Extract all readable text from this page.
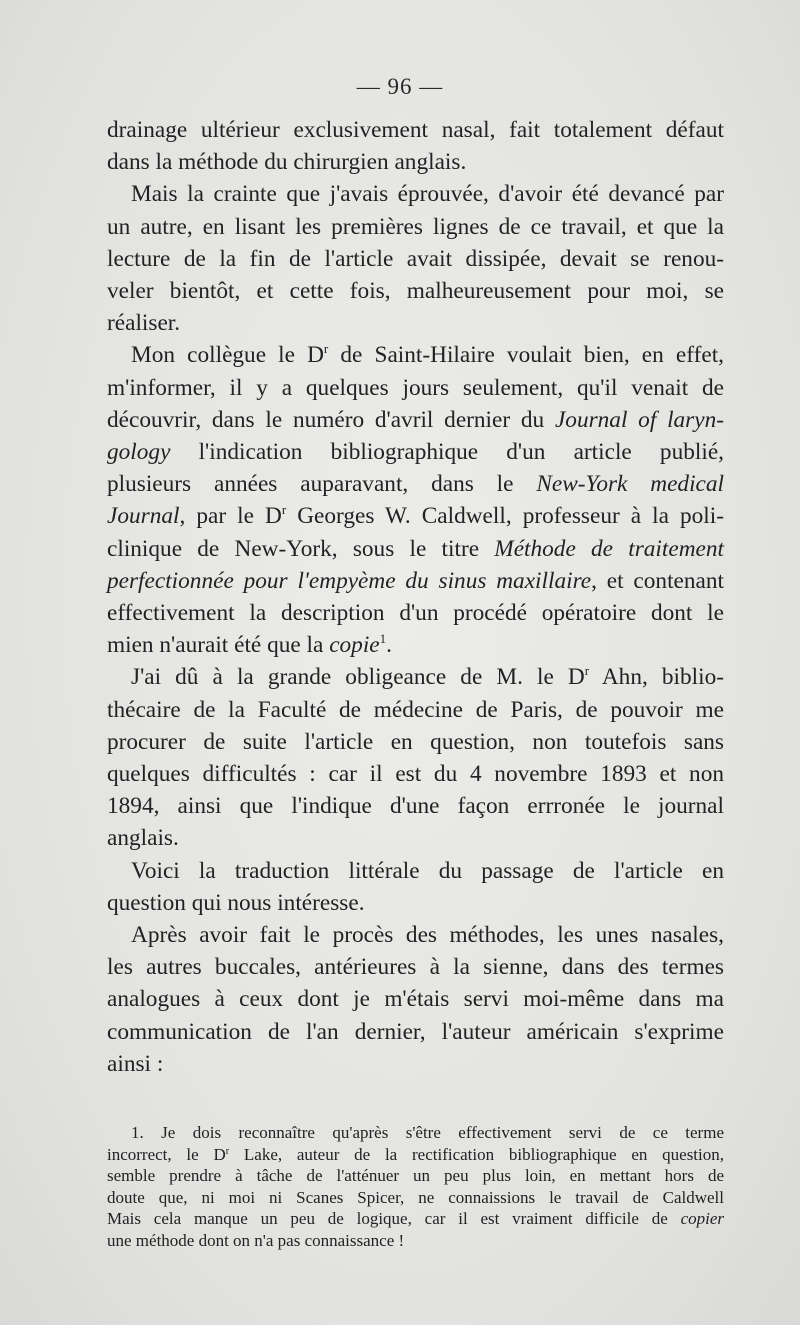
— 96 —
drainage ultérieur exclusivement nasal, fait totalement défaut
dans la méthode du chirurgien anglais.
Mais la crainte que j'avais éprouvée, d'avoir été devancé par
un autre, en lisant les premières lignes de ce travail, et que la
lecture de la fin de l'article avait dissipée, devait se renou-
veler bientôt, et cette fois, malheureusement pour moi, se
réaliser.
Mon collègue le $D^r$ de Saint-Hilaire voulait bien, en effet,
m'informer, il y a quelques jours seulement, qu'il venait de
découvrir, dans le numéro d'avril dernier du Journal of laryn-
gology l'indication bibliographique d'un article publié,
plusieurs années auparavant, dans le New-York medical
Journal, par le $D^r$ Georges W. Caldwell, professeur à la poli-
clinique de New-York, sous le titre Méthode de traitement
perfectionnée pour l'empyème du sinus maxillaire, et contenant
effectivement la description d'un procédé opératoire dont le
mien n'aurait été que la copie$^1$.
J'ai dû à la grande obligeance de M. le $D^r$ Ahn, biblio-
thécaire de la Faculté de médecine de Paris, de pouvoir me
procurer de suite l'article en question, non toutefois sans
quelques difficultés : car il est du 4 novembre 1893 et non
1894, ainsi que l'indique d'une façon errronée le journal
anglais.
Voici la traduction littérale du passage de l'article en
question qui nous intéresse.
Après avoir fait le procès des méthodes, les unes nasales,
les autres buccales, antérieures à la sienne, dans des termes
analogues à ceux dont je m'étais servi moi-même dans ma
communication de l'an dernier, l'auteur américain s'exprime
ainsi :
1. Je dois reconnaître qu'après s'être effectivement servi de ce terme
incorrect, le $D^r$ Lake, auteur de la rectification bibliographique en question,
semble prendre à tâche de l'atténuer un peu plus loin, en mettant hors de
doute que, ni moi ni Scanes Spicer, ne connaissions le travail de Caldwell
Mais cela manque un peu de logique, car il est vraiment difficile de copier
une méthode dont on n'a pas connaissance !
